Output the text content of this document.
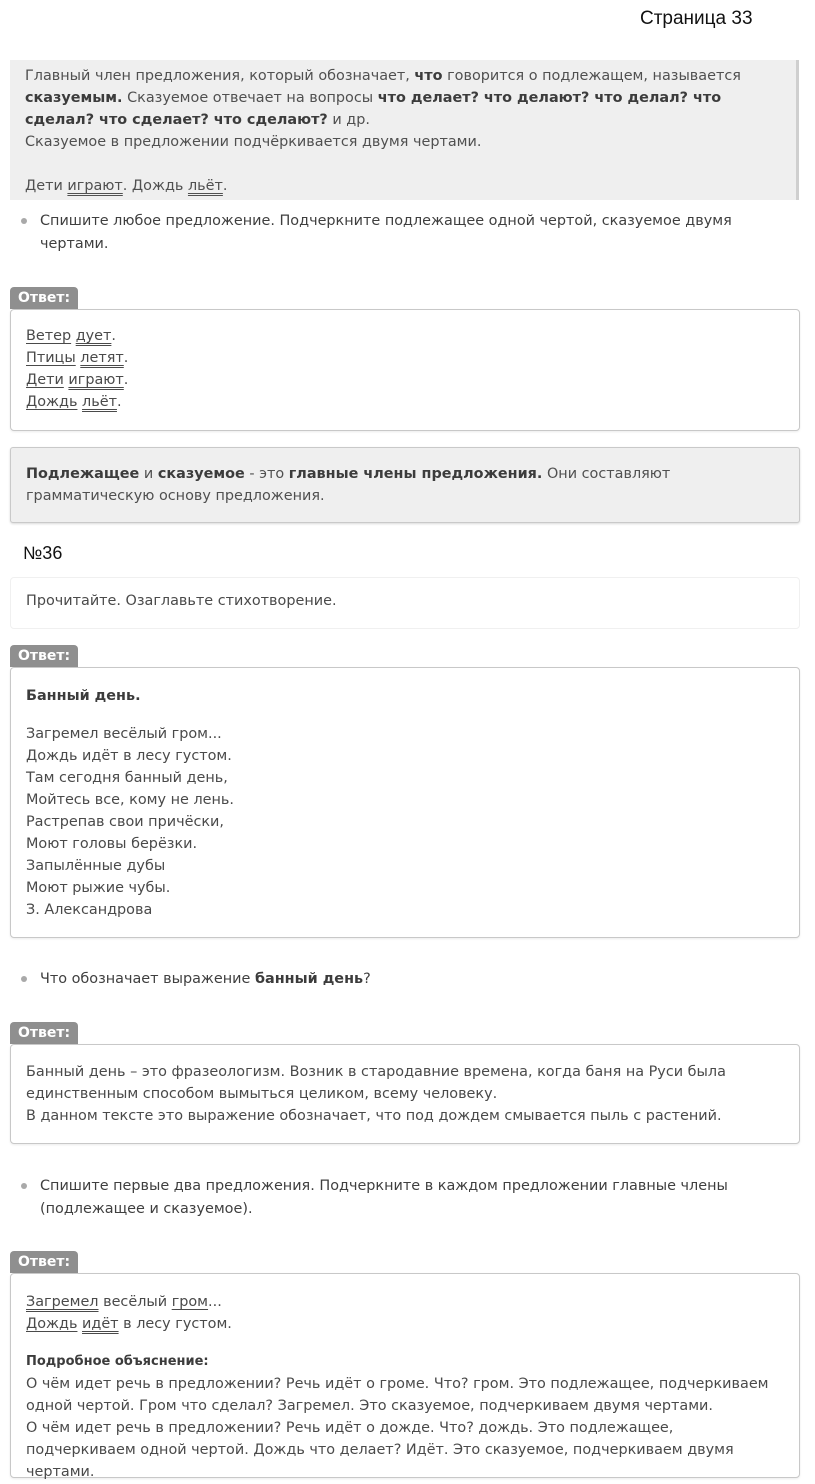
Страница 33
Главный член предложения, который обозначает, что говорится о подлежащем, называется сказуемым. Сказуемое отвечает на вопросы что делает? что делают? что делал? что сделал? что сделает? что сделают? и др.
Сказуемое в предложении подчёркивается двумя чертами.

Дети играют. Дождь льёт.
Спишите любое предложение. Подчеркните подлежащее одной чертой, сказуемое двумя чертами.
Ответ:
Ветер дует.
Птицы летят.
Дети играют.
Дождь льёт.
Подлежащее и сказуемое - это главные члены предложения. Они составляют грамматическую основу предложения.
№36
Прочитайте. Озаглавьте стихотворение.
Ответ:
Банный день.
Загремел весёлый гром...
Дождь идёт в лесу густом.
Там сегодня банный день,
Мойтесь все, кому не лень.
Растрепав свои причёски,
Моют головы берёзки.
Запылённые дубы
Моют рыжие чубы.
З. Александрова
Что обозначает выражение банный день?
Ответ:
Банный день – это фразеологизм. Возник в стародавние времена, когда баня на Руси была единственным способом вымыться целиком, всему человеку.
В данном тексте это выражение обозначает, что под дождем смывается пыль с растений.
Спишите первые два предложения. Подчеркните в каждом предложении главные члены (подлежащее и сказуемое).
Ответ:
Загремел весёлый гром...
Дождь идёт в лесу густом.
Подробное объяснение:
О чём идет речь в предложении? Речь идёт о громе. Что? гром. Это подлежащее, подчеркиваем одной чертой. Гром что сделал? Загремел. Это сказуемое, подчеркиваем двумя чертами.
О чём идет речь в предложении? Речь идёт о дожде. Что? дождь. Это подлежащее, подчеркиваем одной чертой. Дождь что делает? Идёт. Это сказуемое, подчеркиваем двумя чертами.
